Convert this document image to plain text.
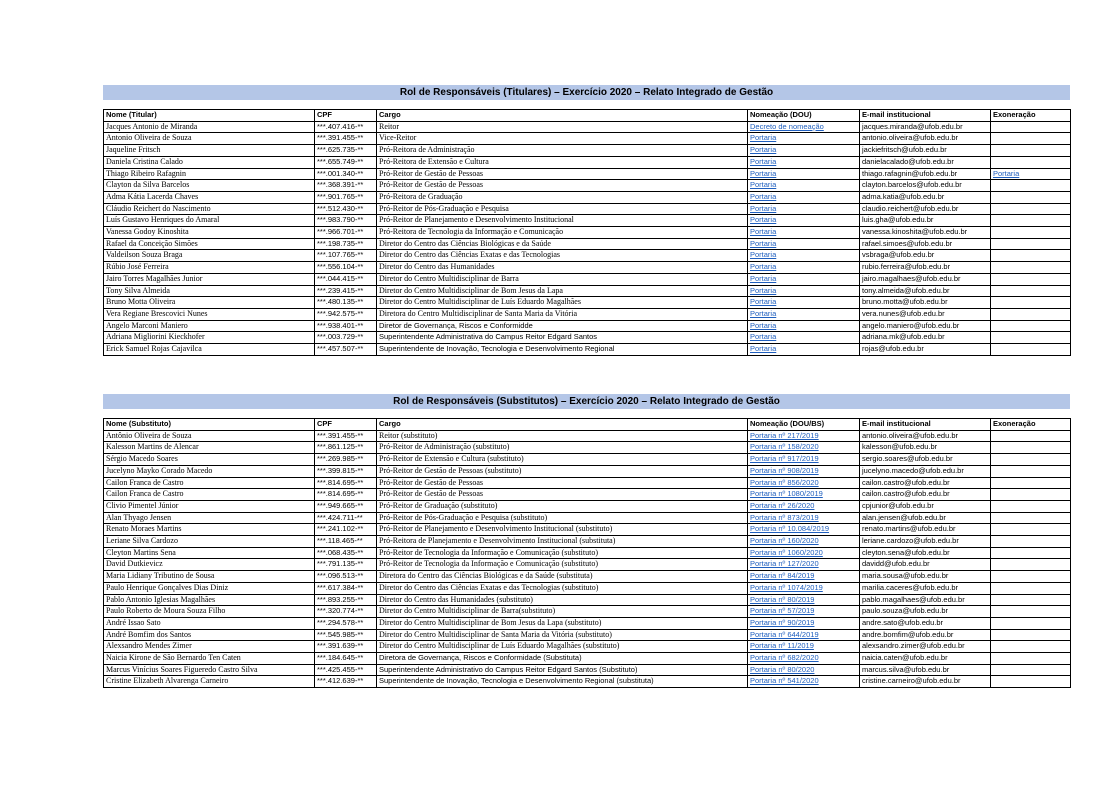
Rol de Responsáveis (Titulares) – Exercício 2020 – Relato Integrado de Gestão
Nome (Titular)	CPF	Cargo	Nomeação (DOU)	E-mail institucional	Exoneração
Jacques Antonio de Miranda	***.407.416-**	Reitor	Decreto de nomeação	jacques.miranda@ufob.edu.br	
Antonio Oliveira de Souza	***.391.455-**	Vice-Reitor	Portaria	antonio.oliveira@ufob.edu.br	
Jaqueline Fritsch	***.625.735-**	Pró-Reitora de Administração	Portaria	jackiefritsch@ufob.edu.br	
Daniela Cristina Calado	***.655.749-**	Pró-Reitora de Extensão e Cultura	Portaria	danielacalado@ufob.edu.br	
Thiago Ribeiro Rafagnin	***.001.340-**	Pró-Reitor de Gestão de Pessoas	Portaria	thiago.rafagnin@ufob.edu.br	Portaria
Clayton da Silva Barcelos	***.368.391-**	Pró-Reitor de Gestão de Pessoas	Portaria	clayton.barcelos@ufob.edu.br	
Adma Kátia Lacerda Chaves	***.901.765-**	Pró-Reitora de Graduação	Portaria	adma.katia@ufob.edu.br	
Cláudio Reichert do Nascimento	***.512.430-**	Pró-Reitor de Pós-Graduação e Pesquisa	Portaria	claudio.reichert@ufob.edu.br	
Luís Gustavo Henriques do Amaral	***.983.790-**	Pró-Reitor de Planejamento e Desenvolvimento Institucional	Portaria	luis.gha@ufob.edu.br	
Vanessa Godoy Kinoshita	***.966.701-**	Pró-Reitora de Tecnologia da Informação e Comunicação	Portaria	vanessa.kinoshita@ufob.edu.br	
Rafael da Conceição Simões	***.198.735-**	Diretor do Centro das Ciências Biológicas e da Saúde	Portaria	rafael.simoes@ufob.edu.br	
Valdeilson Souza Braga	***.107.765-**	Diretor do Centro das Ciências Exatas e das Tecnologias	Portaria	vsbraga@ufob.edu.br	
Rúbio José Ferreira	***.556.104-**	Diretor do Centro das Humanidades	Portaria	rubio.ferreira@ufob.edu.br	
Jairo Torres Magalhães Junior	***.044.415-**	Diretor do Centro Multidisciplinar de Barra	Portaria	jairo.magalhaes@ufob.edu.br	
Tony Silva Almeida	***.239.415-**	Diretor do Centro Multidisciplinar de Bom Jesus da Lapa	Portaria	tony.almeida@ufob.edu.br	
Bruno Motta Oliveira	***.480.135-**	Diretor do Centro Multidisciplinar de Luís Eduardo Magalhães	Portaria	bruno.motta@ufob.edu.br	
Vera Regiane Brescovici Nunes	***.942.575-**	Diretora do Centro Multidisciplinar de Santa Maria da Vitória	Portaria	vera.nunes@ufob.edu.br	
Angelo Marconi Maniero	***.938.401-**	Diretor de Governança, Riscos e Conformidde	Portaria	angelo.maniero@ufob.edu.br	
Adriana Migliorini Kieckhofer	***.003.729-**	Superintendente Administrativa do Campus Reitor Edgard Santos	Portaria	adriana.mk@ufob.edu.br	
Erick Samuel Rojas Cajavilca	***.457.507-**	Superintendente de Inovação, Tecnologia e Desenvolvimento Regional	Portaria	rojas@ufob.edu.br	
Rol de Responsáveis (Substitutos) – Exercício 2020 – Relato Integrado de Gestão
Nome (Substituto)	CPF	Cargo	Nomeação (DOU/BS)	E-mail institucional	Exoneração
Antônio Oliveira de Souza	***.391.455-**	Reitor (substituto)	Portaria nº 217/2019	antonio.oliveira@ufob.edu.br	
Kalesson Martins de Alencar	***.861.125-**	Pró-Reitor de Administração (substituto)	Portaria nº 158/2020	kalesson@ufob.edu.br	
Sérgio Macedo Soares	***.269.985-**	Pró-Reitor de Extensão e Cultura (substituto)	Portaria nº 917/2019	sergio.soares@ufob.edu.br	
Jucelyno Mayko Corado Macedo	***.399.815-**	Pró-Reitor de Gestão de Pessoas (substituto)	Portaria nº 908/2019	jucelyno.macedo@ufob.edu.br	
Cailon Franca de Castro	***.814.695-**	Pró-Reitor de Gestão de Pessoas	Portaria nº 856/2020	cailon.castro@ufob.edu.br	
Cailon Franca de Castro	***.814.695-**	Pró-Reitor de Gestão de Pessoas	Portaria nº 1080/2019	cailon.castro@ufob.edu.br	
Clivio Pimentel Júnior	***.949.665-**	Pró-Reitor de Graduação (substituto)	Portaria nº 26/2020	cpjunior@ufob.edu.br	
Alan Thyago Jensen	***.424.711-**	Pró-Reitor de Pós-Graduação e Pesquisa (substituto)	Portaria nº 873/2019	alan.jensen@ufob.edu.br	
Renato Moraes Martins	***.241.102-**	Pró-Reitor de Planejamento e Desenvolvimento Institucional (substituto)	Portaria nº 10.084/2019	renato.martins@ufob.edu.br	
Leriane Silva Cardozo	***.118.465-**	Pró-Reitora de Planejamento e Desenvolvimento Institucional (substituta)	Portaria nº 160/2020	leriane.cardozo@ufob.edu.br	
Cleyton Martins Sena	***.068.435-**	Pró-Reitor de Tecnologia da Informação e Comunicação (substituto)	Portaria nº 1060/2020	cleyton.sena@ufob.edu.br	
David Dutkievicz	***.791.135-**	Pró-Reitor de Tecnologia da Informação e Comunicação (substituto)	Portaria nº 127/2020	davidd@ufob.edu.br	
Maria Lidiany Tributino de Sousa	***.096.513-**	Diretora do Centro das Ciências Biológicas e da Saúde (substituta)	Portaria nº 84/2019	maria.sousa@ufob.edu.br	
Paulo Henrique Gonçalves Dias Diniz	***.617.384-**	Diretor do Centro das Ciências Exatas e das Tecnologias (substituto)	Portaria nº 1074/2019	marilia.caceres@ufob.edu.br	
Pablo Antonio Iglesias Magalhães	***.893.255-**	Diretor do Centro das Humanidades (substituto)	Portaria nº 80/2019	pablo.magalhaes@ufob.edu.br	
Paulo Roberto de Moura Souza Filho	***.320.774-**	Diretor do Centro Multidisciplinar de Barra(substituto)	Portaria nº 57/2019	paulo.souza@ufob.edu.br	
André Issao Sato	***.294.578-**	Diretor do Centro Multidisciplinar de Bom Jesus da Lapa (substituto)	Portaria nº 90/2019	andre.sato@ufob.edu.br	
André Bomfim dos Santos	***.545.985-**	Diretor do Centro Multidisciplinar de Santa Maria da Vitória (substituto)	Portaria nº 644/2019	andre.bomfim@ufob.edu.br	
Alexsandro Mendes Zimer	***.391.639-**	Diretor do Centro Multidisciplinar de Luís Eduardo Magalhães (substituto)	Portaria nº 11/2019	alexsandro.zimer@ufob.edu.br	
Naicia Kirone de São Bernardo Ten Caten	***.184.645-**	Diretora de Governança, Riscos e Conformidade (Substituta)	Portaria nº 682/2020	naicia.caten@ufob.edu.br	
Marcus Vinícius Soares Figueredo Castro Silva	***.425.455-**	Superintendente Administrativo do Campus Reitor Edgard Santos (Substituto)	Portaria nº 80/2020	marcus.silva@ufob.edu.br	
Cristine Elizabeth Alvarenga Carneiro	***.412.639-**	Superintendente de Inovação, Tecnologia e Desenvolvimento Regional (substituta)	Portaria nº 541/2020	cristine.carneiro@ufob.edu.br	
